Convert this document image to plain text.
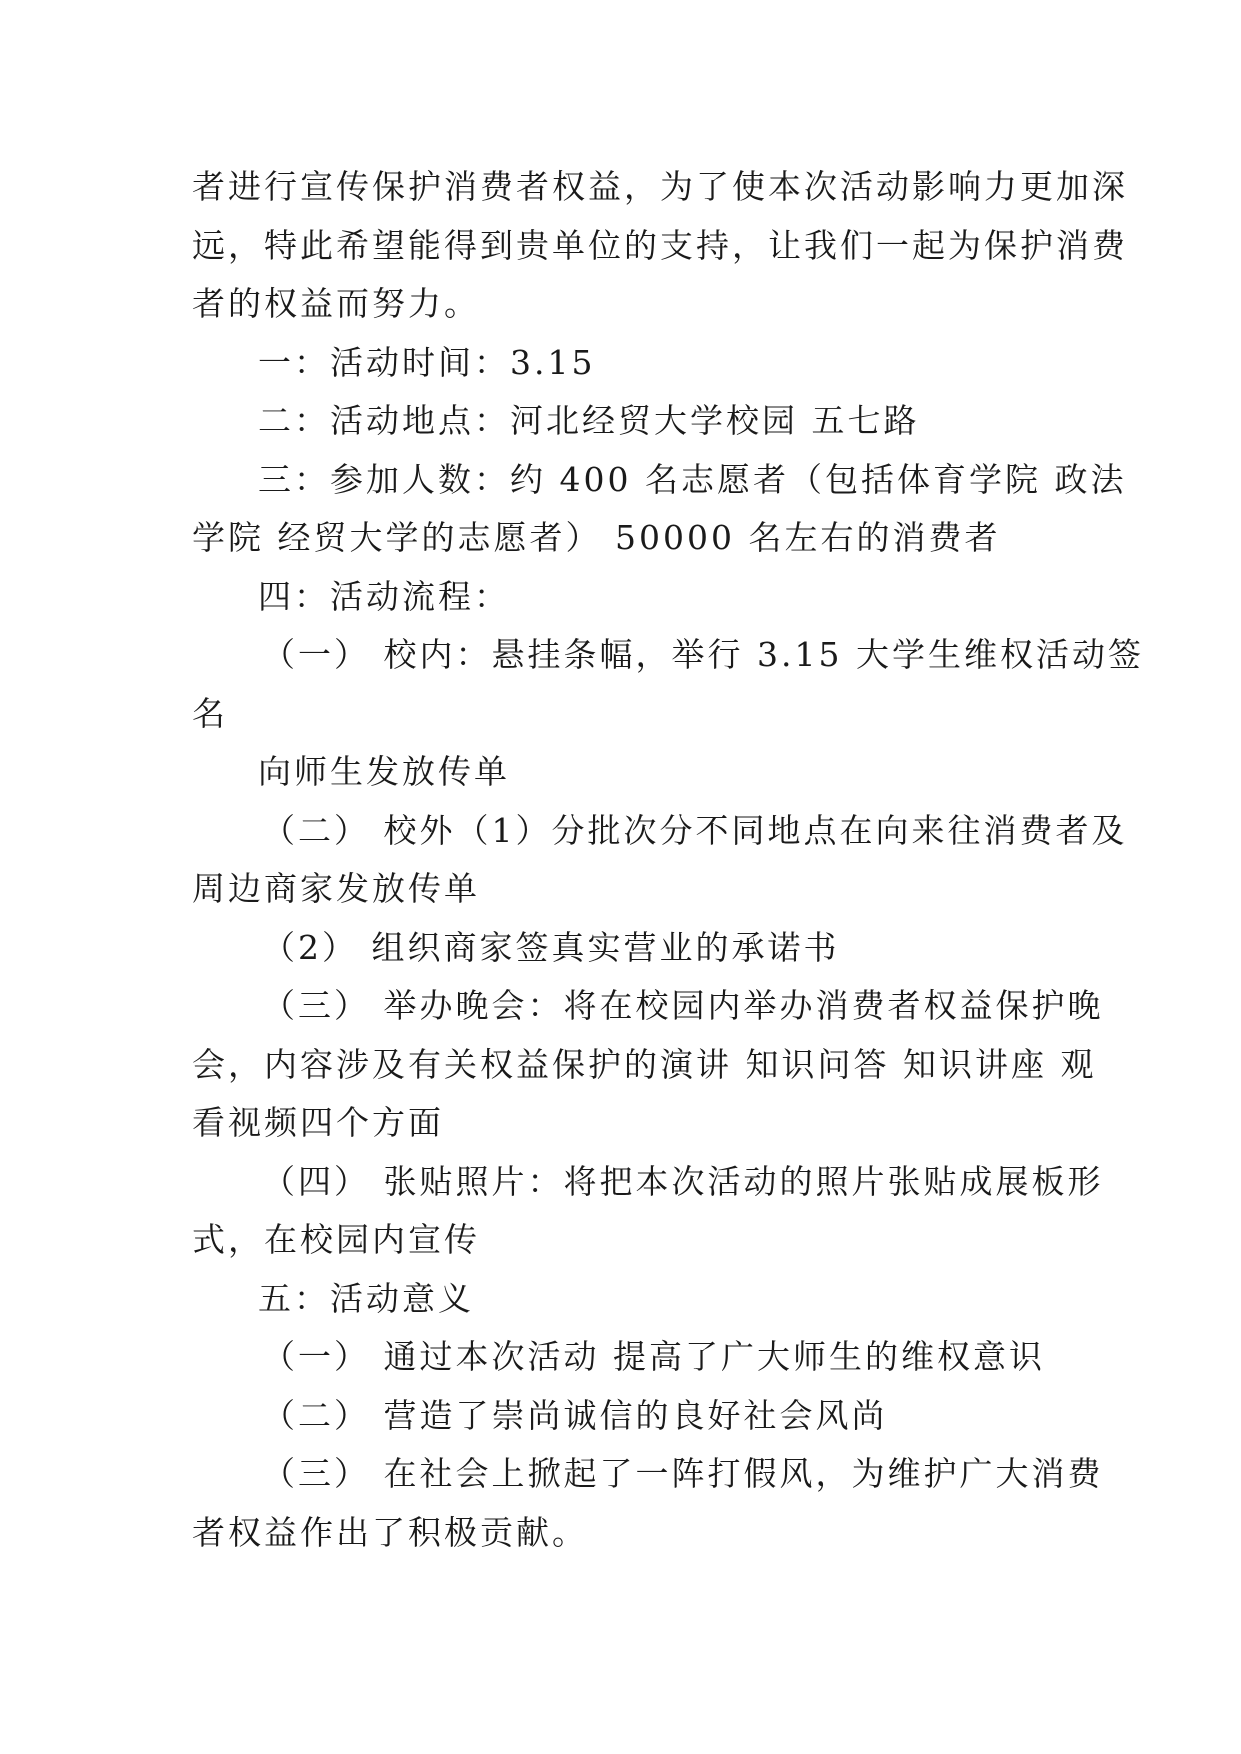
者进行宣传保护消费者权益，为了使本次活动影响力更加深
远，特此希望能得到贵单位的支持，让我们一起为保护消费
者的权益而努力。
一：活动时间：3.15
二：活动地点：河北经贸大学校园 五七路
三：参加人数：约 400 名志愿者（包括体育学院 政法
学院 经贸大学的志愿者） 50000 名左右的消费者
四：活动流程：
（一） 校内：悬挂条幅，举行 3.15 大学生维权活动签
名
向师生发放传单
（二） 校外（1）分批次分不同地点在向来往消费者及
周边商家发放传单
（2） 组织商家签真实营业的承诺书
（三） 举办晚会：将在校园内举办消费者权益保护晚
会，内容涉及有关权益保护的演讲 知识问答 知识讲座 观
看视频四个方面
（四） 张贴照片：将把本次活动的照片张贴成展板形
式，在校园内宣传
五：活动意义
（一） 通过本次活动 提高了广大师生的维权意识
（二） 营造了崇尚诚信的良好社会风尚
（三） 在社会上掀起了一阵打假风，为维护广大消费
者权益作出了积极贡献。
